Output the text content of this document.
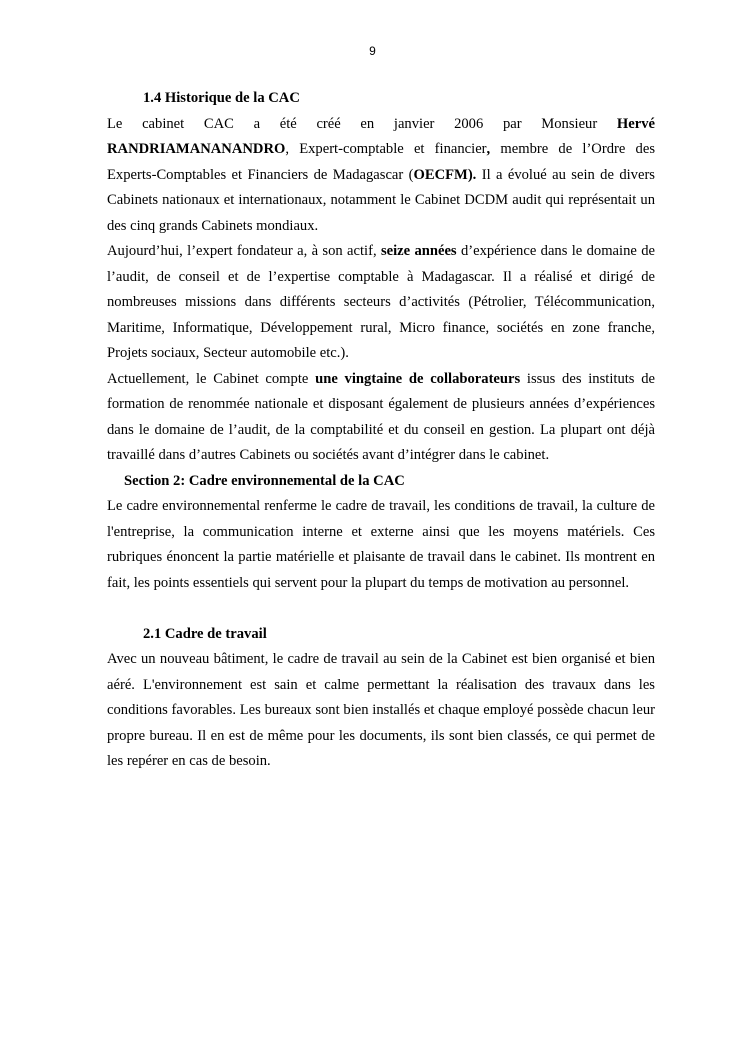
9
1.4 Historique de la CAC

Le cabinet CAC a été créé en janvier 2006 par Monsieur Hervé RANDRIAMANANANDRO, Expert-comptable et financier, membre de l’Ordre des Experts-Comptables et Financiers de Madagascar (OECFM). Il a évolué au sein de divers Cabinets nationaux et internationaux, notamment le Cabinet DCDM audit qui représentait un des cinq grands Cabinets mondiaux.

Aujourd’hui, l’expert fondateur a, à son actif, seize années d’expérience dans le domaine de l’audit, de conseil et de l’expertise comptable à Madagascar. Il a réalisé et dirigé de nombreuses missions dans différents secteurs d’activités (Pétrolier, Télécommunication, Maritime, Informatique, Développement rural, Micro finance, sociétés en zone franche, Projets sociaux, Secteur automobile etc.).

Actuellement, le Cabinet compte une vingtaine de collaborateurs issus des instituts de formation de renommée nationale et disposant également de plusieurs années d’expériences dans le domaine de l’audit, de la comptabilité et du conseil en gestion. La plupart ont déjà travaillé dans d’autres Cabinets ou sociétés avant d’intégrer dans le cabinet.

Section 2: Cadre environnemental de la CAC

Le cadre environnemental renferme le cadre de travail, les conditions de travail, la culture de l'entreprise, la communication interne et externe ainsi que les moyens matériels. Ces rubriques énoncent la partie matérielle et plaisante de travail dans le cabinet. Ils montrent en fait, les points essentiels qui servent pour la plupart du temps de motivation au personnel.

2.1 Cadre de travail

Avec un nouveau bâtiment, le cadre de travail au sein de la Cabinet est bien organisé et bien aéré. L'environnement est sain et calme permettant la réalisation des travaux dans les conditions favorables. Les bureaux sont bien installés et chaque employé possède chacun leur propre bureau. Il en est de même pour les documents, ils sont bien classés, ce qui permet de les repérer en cas de besoin.
